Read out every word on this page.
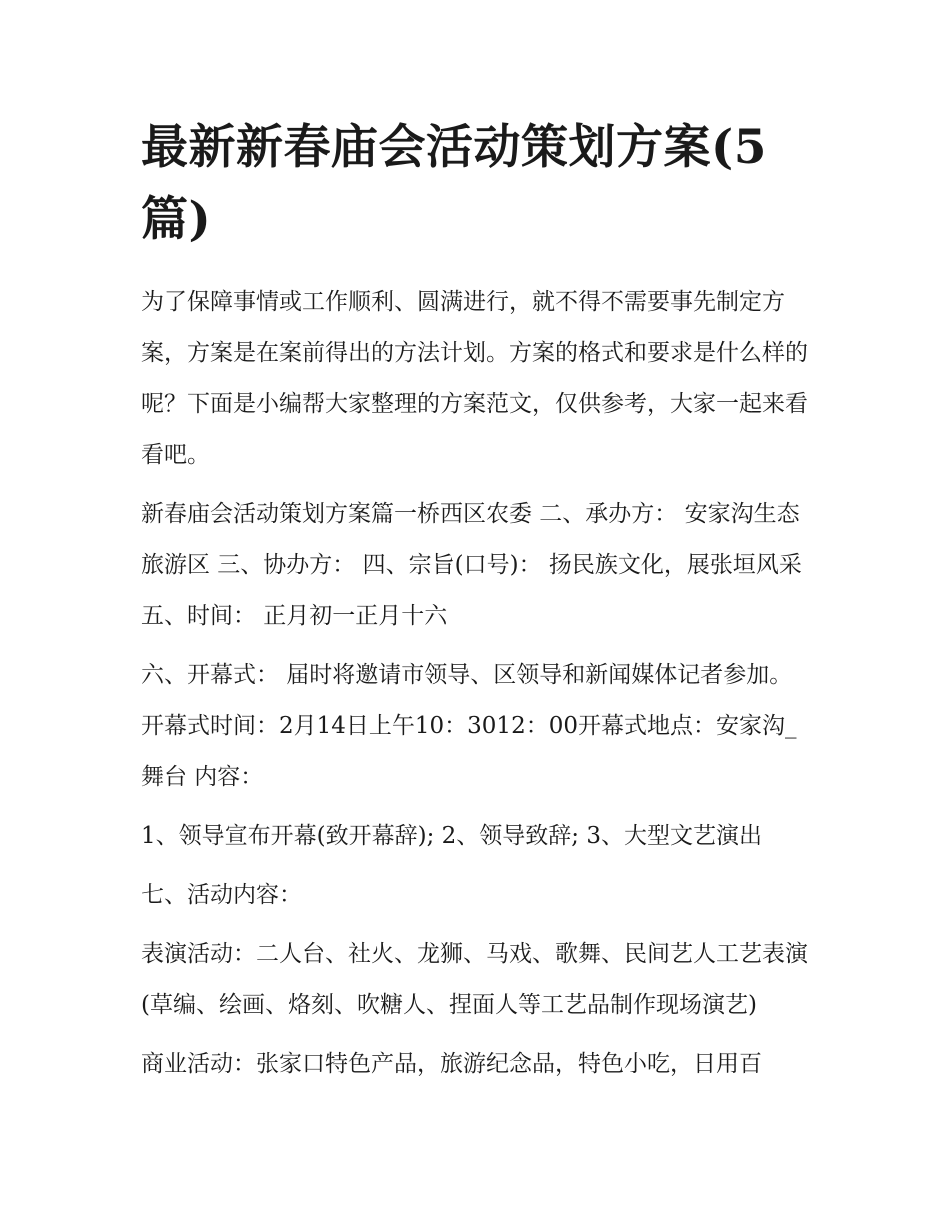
最新新春庙会活动策划方案(5篇)

为了保障事情或工作顺利、圆满进行，就不得不需要事先制定方案，方案是在案前得出的方法计划。方案的格式和要求是什么样的呢？下面是小编帮大家整理的方案范文，仅供参考，大家一起来看看吧。

新春庙会活动策划方案篇一桥西区农委 二、承办方： 安家沟生态旅游区 三、协办方： 四、宗旨(口号)： 扬民族文化，展张垣风采 五、时间： 正月初一正月十六

六、开幕式： 届时将邀请市领导、区领导和新闻媒体记者参加。 开幕式时间：2月14日上午10：3012：00开幕式地点：安家沟_舞台 内容：

1、领导宣布开幕(致开幕辞); 2、领导致辞; 3、大型文艺演出

七、活动内容：

表演活动：二人台、社火、龙狮、马戏、歌舞、民间艺人工艺表演(草编、绘画、烙刻、吹糖人、捏面人等工艺品制作现场演艺)

商业活动：张家口特色产品，旅游纪念品，特色小吃，日用百
